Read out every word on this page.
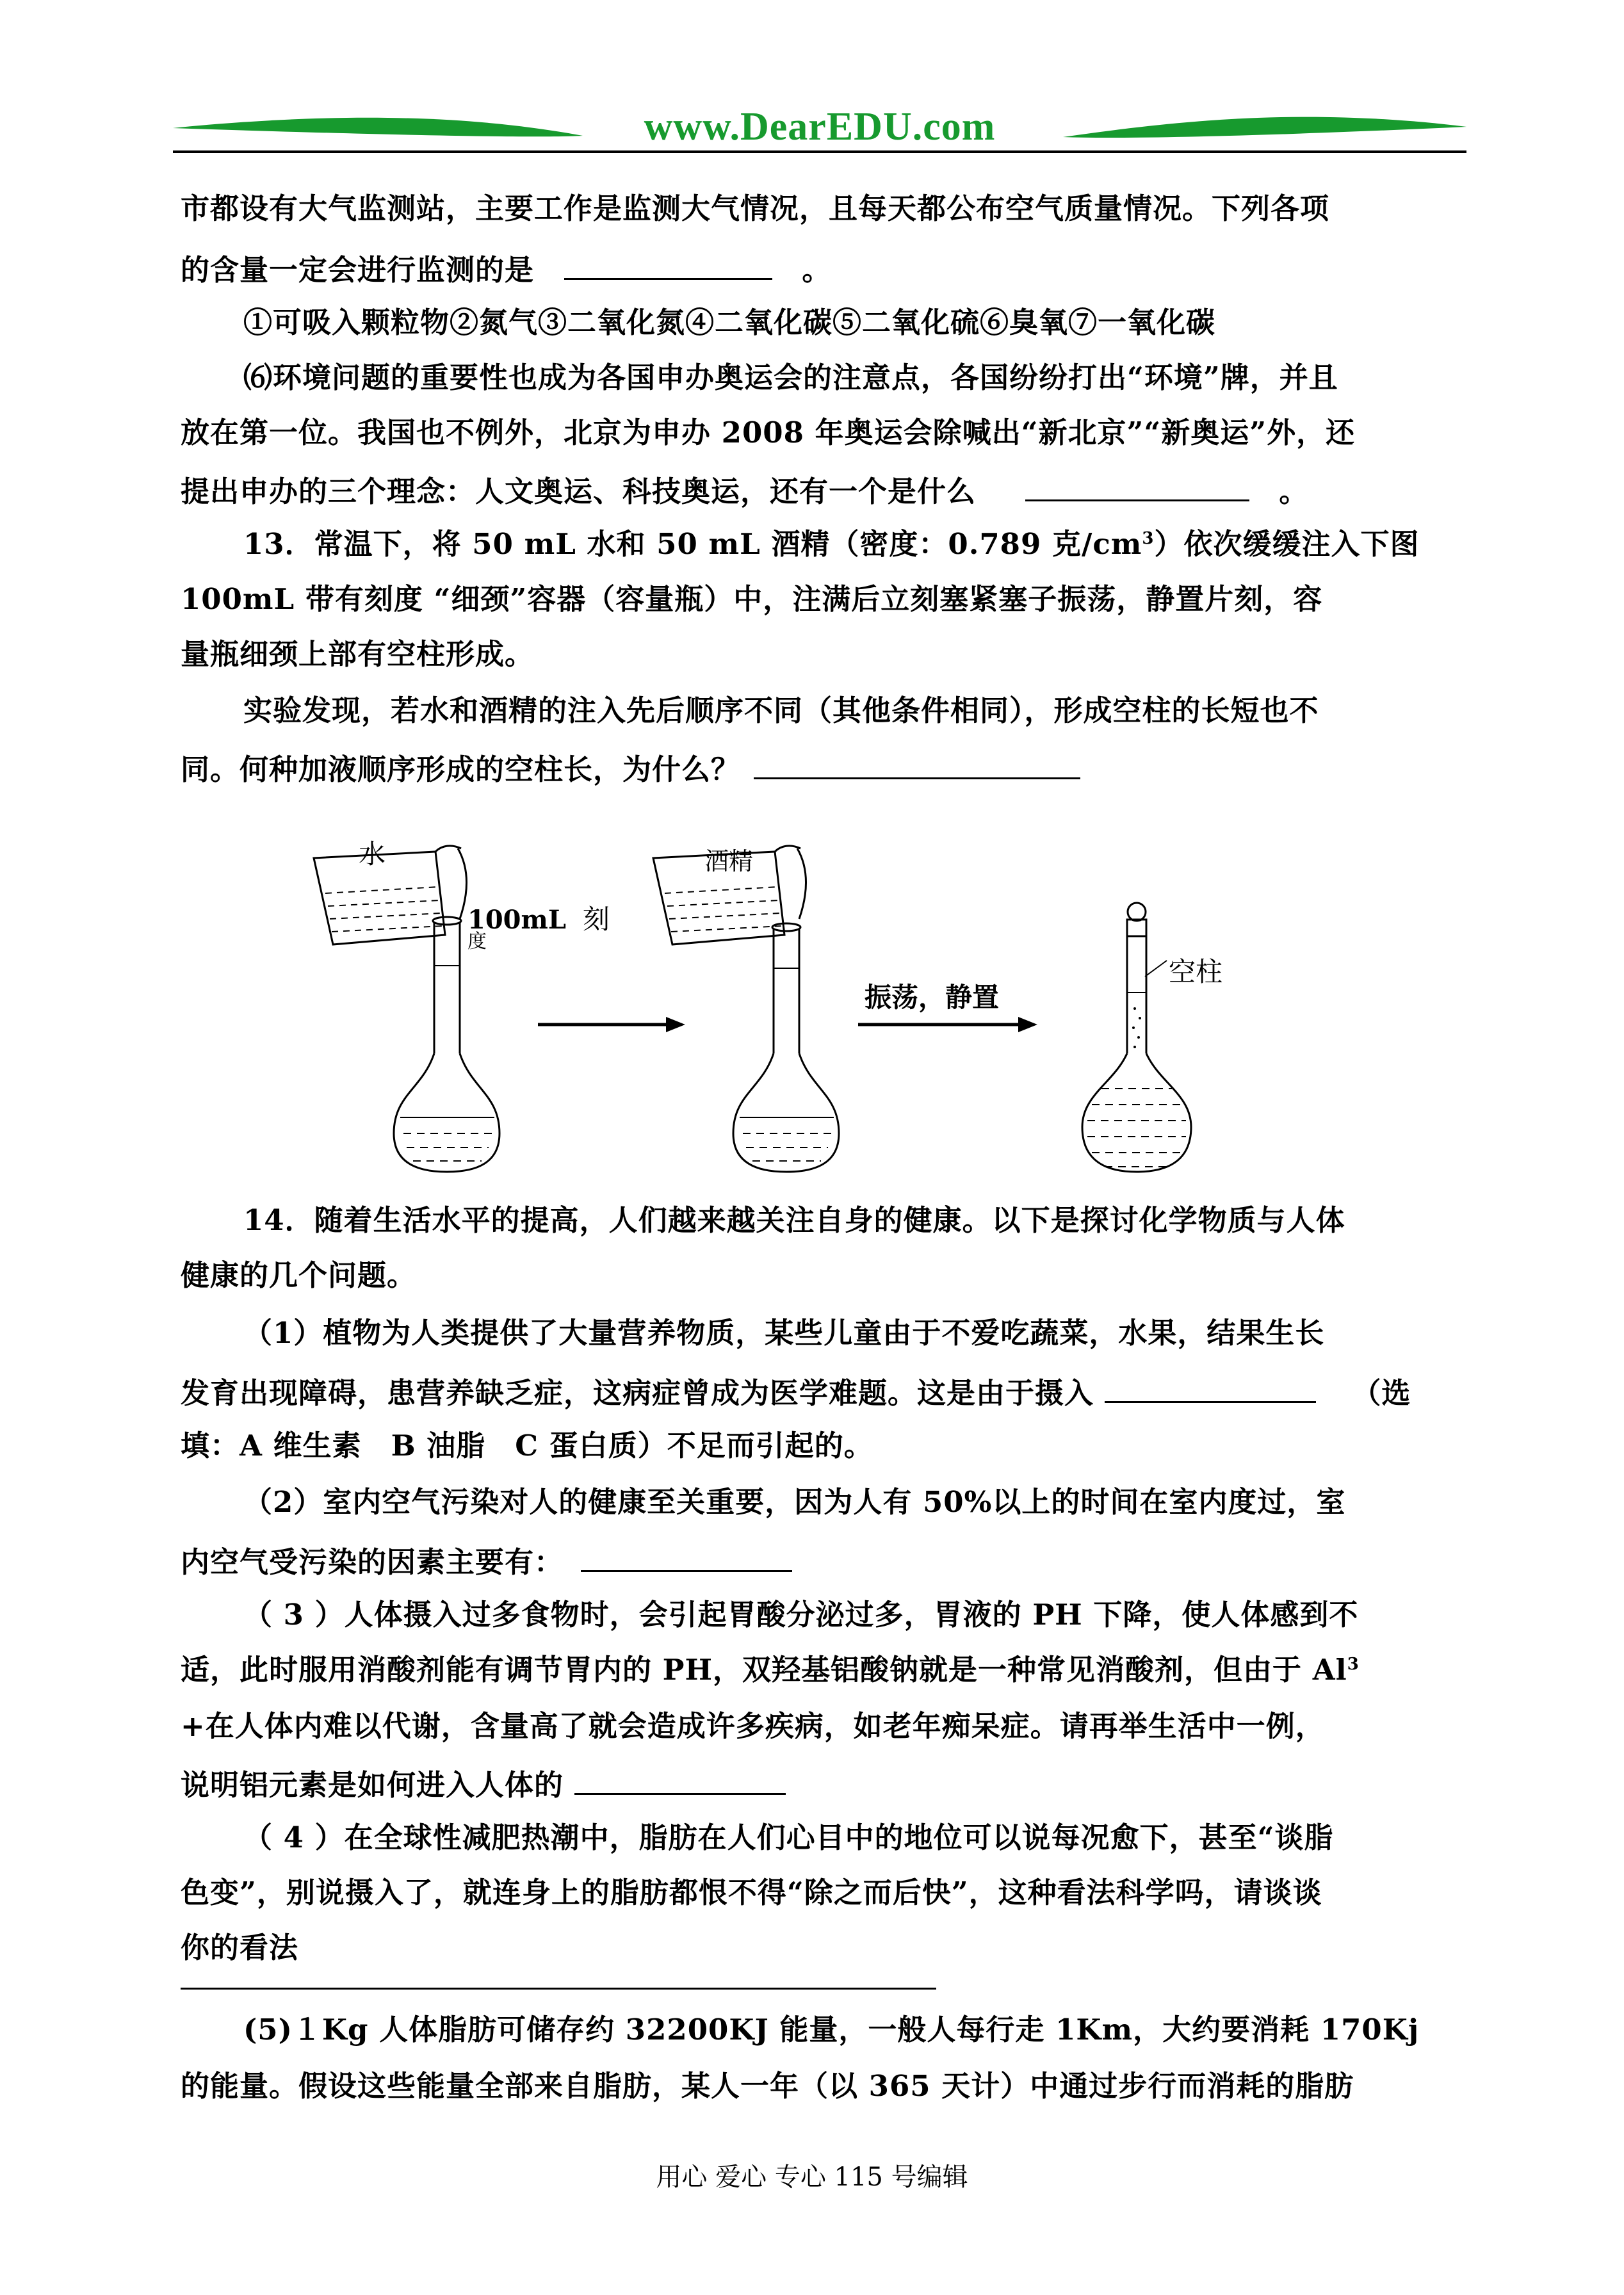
www.DearEDU.com
市都设有大气监测站，主要工作是监测大气情况，且每天都公布空气质量情况。下列各项
的含量一定会进行监测的是	。
①可吸入颗粒物②氮气③二氧化氮④二氧化碳⑤二氧化硫⑥臭氧⑦一氧化碳
⑹环境问题的重要性也成为各国申办奥运会的注意点，各国纷纷打出“环境”牌，并且
放在第一位。我国也不例外，北京为申办 2008 年奥运会除喊出“新北京”“新奥运”外，还
提出申办的三个理念：人文奥运、科技奥运，还有一个是什么	。
13．常温下，将 50 mL 水和 50 mL 酒精（密度：0.789 克$/cm^3$）依次缓缓注入下图
100mL 带有刻度 “细颈”容器（容量瓶）中，注满后立刻塞紧塞子振荡，静置片刻，容
量瓶细颈上部有空柱形成。
实验发现，若水和酒精的注入先后顺序不同（其他条件相同），形成空柱的长短也不
同。何种加液顺序形成的空柱长，为什么？
水
100mL 刻
度
酒精
振荡，静置
空柱
14．随着生活水平的提高，人们越来越关注自身的健康。以下是探讨化学物质与人体
健康的几个问题。
（1）植物为人类提供了大量营养物质，某些儿童由于不爱吃蔬菜，水果，结果生长
发育出现障碍，患营养缺乏症，这病症曾成为医学难题。这是由于摄入	（选
填：A 维生素　B 油脂　C 蛋白质）不足而引起的。
（2）室内空气污染对人的健康至关重要，因为人有 50%以上的时间在室内度过，室
内空气受污染的因素主要有：
（ 3 ）人体摄入过多食物时，会引起胃酸分泌过多，胃液的 PH 下降，使人体感到不
适，此时服用消酸剂能有调节胃内的 PH，双羟基铝酸钠就是一种常见消酸剂，但由于 $Al^3$
+在人体内难以代谢，含量高了就会造成许多疾病，如老年痴呆症。请再举生活中一例，
说明铝元素是如何进入人体的
（ 4 ）在全球性减肥热潮中，脂肪在人们心目中的地位可以说每况愈下，甚至“谈脂
色变”，别说摄入了，就连身上的脂肪都恨不得“除之而后快”，这种看法科学吗，请谈谈
你的看法
(5)１Kg 人体脂肪可储存约 32200KJ 能量，一般人每行走 1Km，大约要消耗 170Kj
的能量。假设这些能量全部来自脂肪，某人一年（以 365 天计）中通过步行而消耗的脂肪
用心 爱心 专心 115 号编辑
